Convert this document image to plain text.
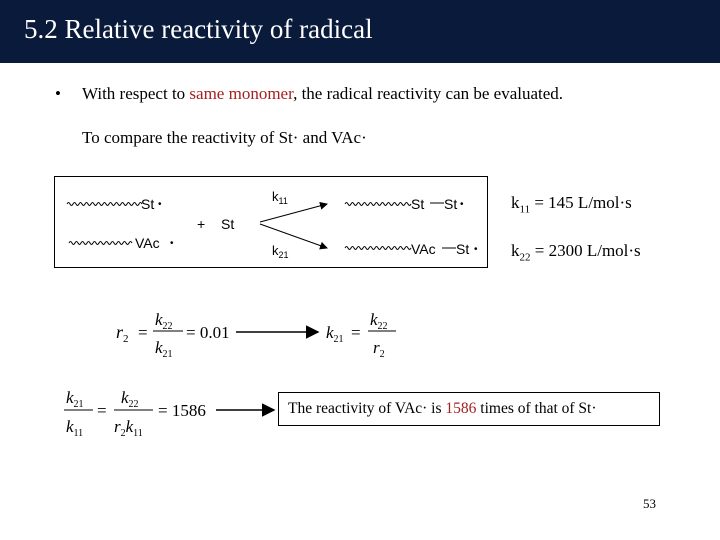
5.2 Relative reactivity of radical
• With respect to same monomer, the radical reactivity can be evaluated.
To compare the reactivity of St· and VAc·
St •
VAc •
+ St
$k_{11}$
$k_{21}$
St St •
VAc St •
$k_{11} = 145$ L/mol·s
$k_{22} = 2300$ L/mol·s
$r_2$ =
$k_{22}$
$k_{21}$
= 0.01	$k_{21}$ =
$k_{22}$
$r_2$
$k_{21}$
$k_{11}$
=
$k_{22}$
$r_2k_{11}$
= 1586	The reactivity of VAc· is 1586 times of that of St·
53
